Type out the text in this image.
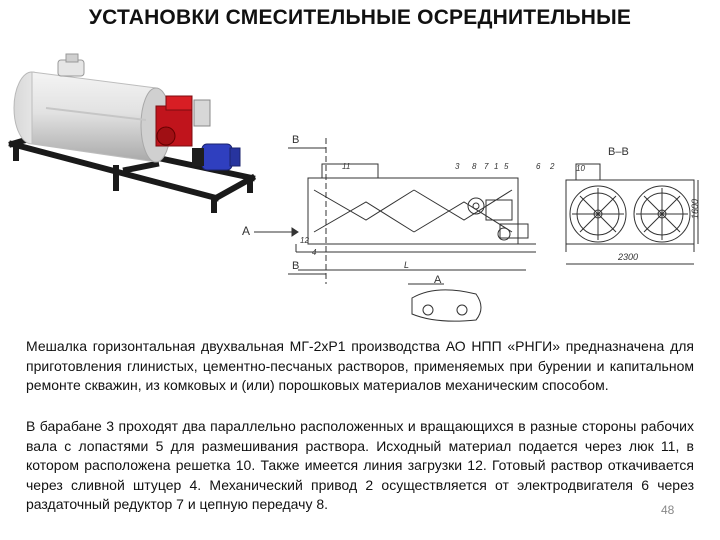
УСТАНОВКИ СМЕСИТЕЛЬНЫЕ ОСРЕДНИТЕЛЬНЫЕ
В
В
А
А
В–В
2300
1600
L
11	3 8 7 1	6 2
5
12
4
10
Мешалка горизонтальная двухвальная МГ-2хР1 производства АО НПП «РНГИ» предназначена для приготовления глинистых, цементно-песчаных растворов, применяемых при бурении и капитальном ремонте скважин, из комковых и (или) порошковых материалов механическим способом.
В барабане 3 проходят два параллельно расположенных и вращающихся в разные стороны рабочих вала с лопастями 5 для размешивания раствора. Исходный материал подается через люк 11, в котором расположена решетка 10. Также имеется линия загрузки 12. Готовый раствор откачивается через сливной штуцер 4. Механический привод 2 осуществляется от электродвигателя 6 через раздаточный редуктор 7 и цепную передачу 8.	48
